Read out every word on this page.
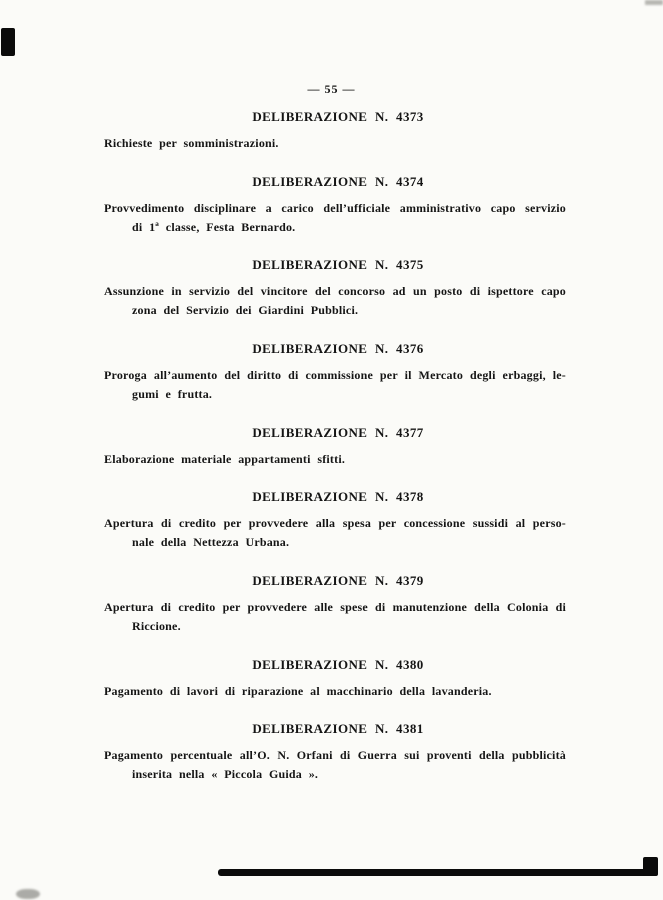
— 55 —
DELIBERAZIONE N. 4373
Richieste per somministrazioni.
DELIBERAZIONE N. 4374
Provvedimento disciplinare a carico dell’ufficiale amministrativo capo servizio
di 1ª classe, Festa Bernardo.
DELIBERAZIONE N. 4375
Assunzione in servizio del vincitore del concorso ad un posto di ispettore capo
zona del Servizio dei Giardini Pubblici.
DELIBERAZIONE N. 4376
Proroga all’aumento del diritto di commissione per il Mercato degli erbaggi, le-
gumi e frutta.
DELIBERAZIONE N. 4377
Elaborazione materiale appartamenti sfitti.
DELIBERAZIONE N. 4378
Apertura di credito per provvedere alla spesa per concessione sussidi al perso-
nale della Nettezza Urbana.
DELIBERAZIONE N. 4379
Apertura di credito per provvedere alle spese di manutenzione della Colonia di
Riccione.
DELIBERAZIONE N. 4380
Pagamento di lavori di riparazione al macchinario della lavanderia.
DELIBERAZIONE N. 4381
Pagamento percentuale all’O. N. Orfani di Guerra sui proventi della pubblicità
inserita nella « Piccola Guida ».
